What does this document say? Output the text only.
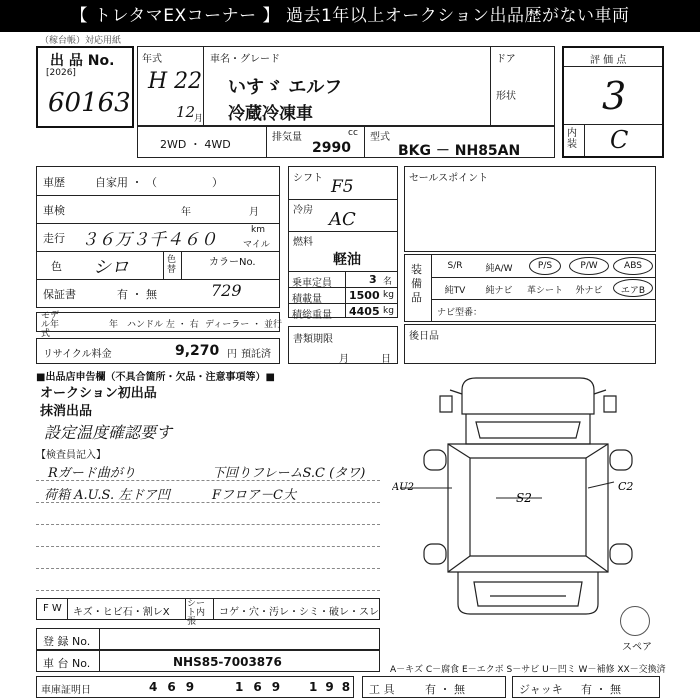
【 トレタマEXコーナー 】 過去1年以上オークション出品歴がない車両
（稼台帳）対応用紙
出 品 No.
[2026]
60163
年式
H 22
12
月
車名・グレード
いすゞ エルフ
冷蔵冷凍車
ドア
形状
評 価 点
3
内装 C
2WD ・ 4WD
排気量	cc
2990
型式
BKG － NH85AN
車歴	自家用 ・ （　　　　　）
車検	年	月
走行 ３６万３千４６０	km
マイル
色 シロ	色替
カラーNo.
729
保証書	有 ・ 無
シフト F5
冷房 AC
燃料
軽油
乗車定員	3 名
積載量 1500 kg
積総重量 4405 kg
書類期限
月	日
セールスポイント
装備品
S/R	純A/W	P/S	P/W	ABS
純TV	純ナビ	革シート	外ナビ	エアB
ナビ型番：
後日品
モデル年式
年 ハンドル 左 ・ 右 ディーラー ・ 並行
リサイクル料金	9,270 円 預託済
■出品店申告欄（不具合箇所・欠品・注意事項等）■
オークション初出品
抹消出品
設定温度確認要す
【検査員記入】
Rガード曲がり	下回りフレームS.C (タワ)
荷箱 A.U.S. 左ドア凹	Fフロア－C大
AU2
S2
C2
スペア
F W キズ・ヒビ石・割レX
シート内 張
コゲ・穴・汚レ・シミ・破レ・スレ
登 録 No.
車 台 No.	NHS85-7003876
A－キズ C－腐食 E－エクボ S－サビ U－凹ミ W－補修 XX－交換済
車庫証明日	469	169 198 工 具	有 ・ 無	ジャッキ 有 ・ 無
